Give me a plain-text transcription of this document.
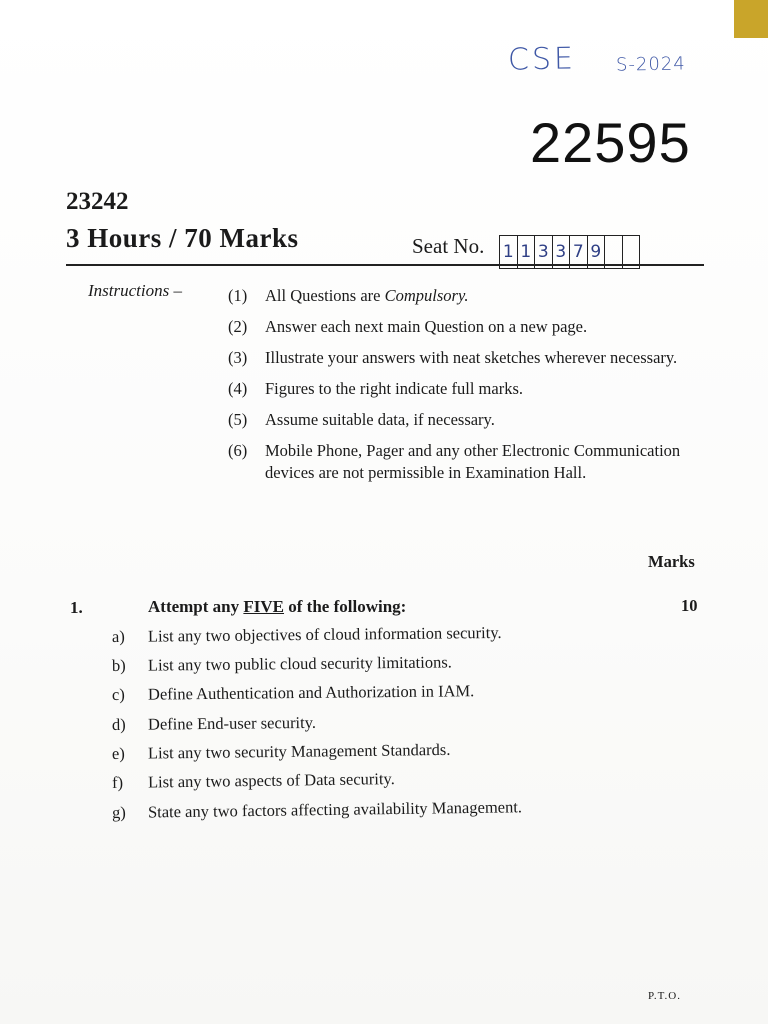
CSE S-2024
22595
23242
3 Hours / 70 Marks	Seat No. 1 1 3 3 7 9
Instructions –	(1) All Questions are Compulsory.
(2) Answer each next main Question on a new page.
(3) Illustrate your answers with neat sketches wherever necessary.
(4) Figures to the right indicate full marks.
(5) Assume suitable data, if necessary.
(6) Mobile Phone, Pager and any other Electronic Communication devices are not permissible in Examination Hall.
Marks
1.	Attempt any FIVE of the following:	10
a) List any two objectives of cloud information security.
b) List any two public cloud security limitations.
c) Define Authentication and Authorization in IAM.
d) Define End-user security.
e) List any two security Management Standards.
f) List any two aspects of Data security.
g) State any two factors affecting availability Management.
P.T.O.
